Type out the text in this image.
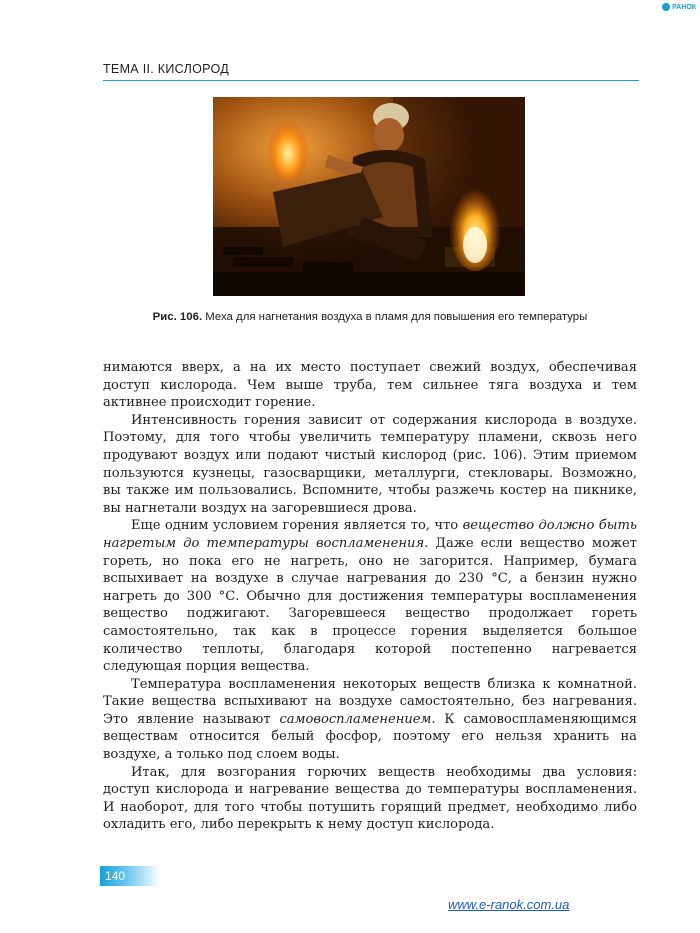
РАНОК
ТЕМА II. КИСЛОРОД
Рис. 106. Меха для нагнетания воздуха в пламя для повышения его температуры

нимаются вверх, а на их место поступает свежий воздух, обеспечивая доступ кислорода. Чем выше труба, тем сильнее тяга воздуха и тем активнее происходит горение.

Интенсивность горения зависит от содержания кислорода в воздухе. Поэтому, для того чтобы увеличить температуру пламени, сквозь него продувают воздух или подают чистый кислород (рис. 106). Этим приемом пользуются кузнецы, газосварщики, металлурги, стекловары. Возможно, вы также им пользовались. Вспомните, чтобы разжечь костер на пикнике, вы нагнетали воздух на загоревшиеся дрова.

Еще одним условием горения является то, что вещество должно быть нагретым до температуры воспламенения. Даже если вещество может гореть, но пока его не нагреть, оно не загорится. Например, бумага вспыхивает на воздухе в случае нагревания до 230 °С, а бензин нужно нагреть до 300 °С. Обычно для достижения температуры воспламенения вещество поджигают. Загоревшееся вещество продолжает гореть самостоятельно, так как в процессе горения выделяется большое количество теплоты, благодаря которой постепенно нагревается следующая порция вещества.

Температура воспламенения некоторых веществ близка к комнатной. Такие вещества вспыхивают на воздухе самостоятельно, без нагревания. Это явление называют самовоспламенением. К самовоспламеняющимся веществам относится белый фосфор, поэтому его нельзя хранить на воздухе, а только под слоем воды.

Итак, для возгорания горючих веществ необходимы два условия: доступ кислорода и нагревание вещества до температуры воспламенения. И наоборот, для того чтобы потушить горящий предмет, необходимо либо охладить его, либо перекрыть к нему доступ кислорода.

140
www.e-ranok.com.ua
